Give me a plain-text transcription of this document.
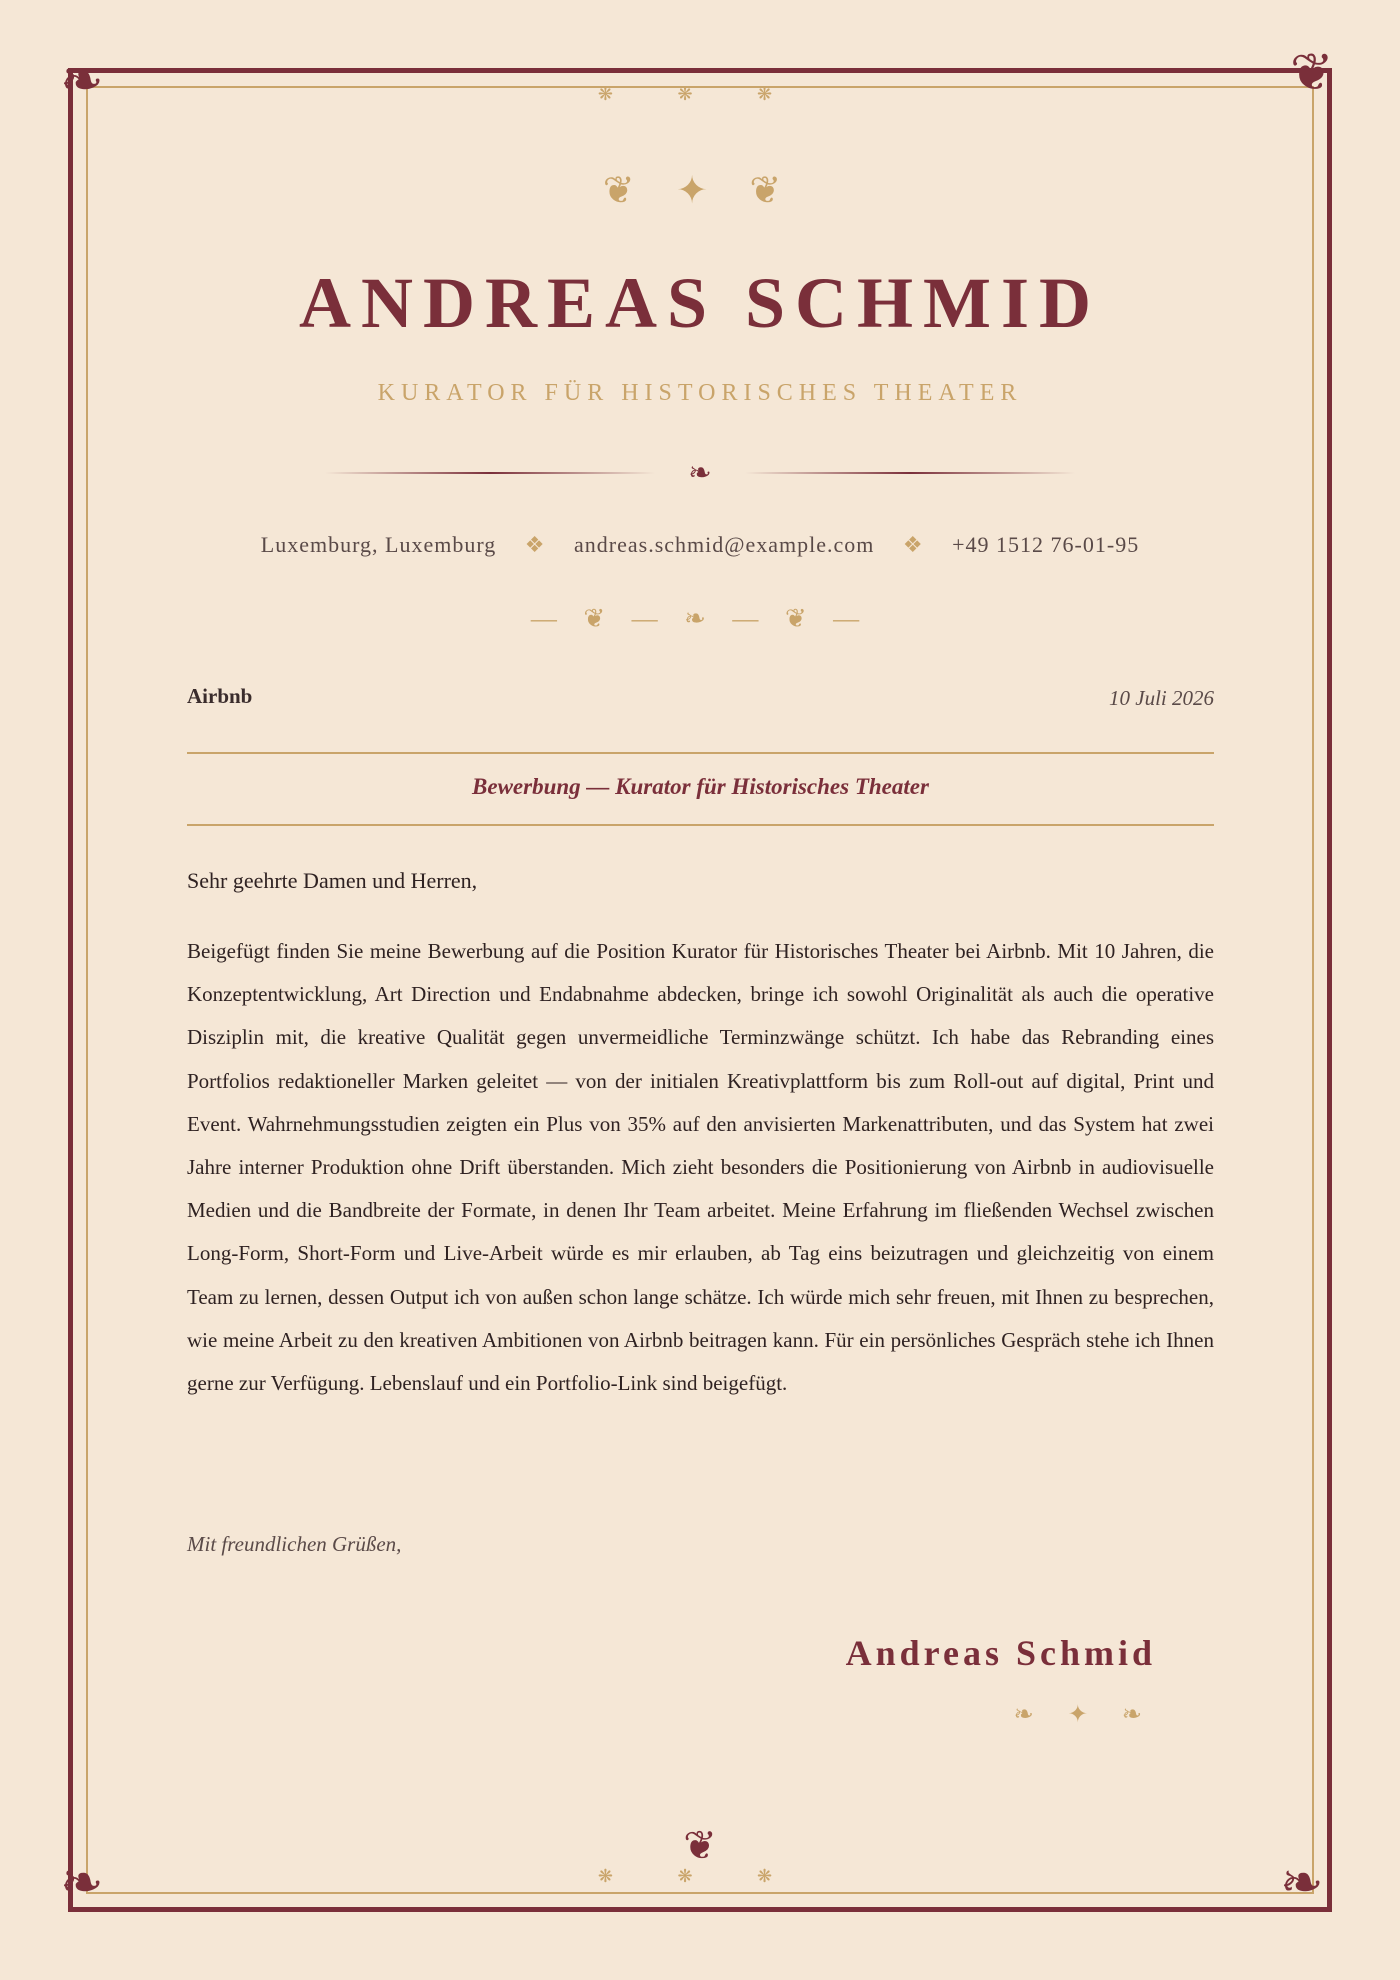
❧	❦
❧	❧
❋ ❋ ❋
❦ ✦ ❦
ANDREAS SCHMID
KURATOR FÜR HISTORISCHES THEATER
❧
Luxemburg, Luxemburg ❖ andreas.schmid@example.com ❖ +49 1512 76-01-95
— ❦ — ❧ — ❦ —
Airbnb	10 Juli 2026
Bewerbung — Kurator für Historisches Theater
Sehr geehrte Damen und Herren,
Beigefügt finden Sie meine Bewerbung auf die Position Kurator für Historisches Theater bei Airbnb. Mit 10 Jahren, die Konzeptentwicklung, Art Direction und Endabnahme abdecken, bringe ich sowohl Originalität als auch die operative Disziplin mit, die kreative Qualität gegen unvermeidliche Terminzwänge schützt. Ich habe das Rebranding eines Portfolios redaktioneller Marken geleitet — von der initialen Kreativplattform bis zum Roll-out auf digital, Print und Event. Wahrnehmungsstudien zeigten ein Plus von 35% auf den anvisierten Markenattributen, und das System hat zwei Jahre interner Produktion ohne Drift überstanden. Mich zieht besonders die Positionierung von Airbnb in audiovisuelle Medien und die Bandbreite der Formate, in denen Ihr Team arbeitet. Meine Erfahrung im fließenden Wechsel zwischen Long-Form, Short-Form und Live-Arbeit würde es mir erlauben, ab Tag eins beizutragen und gleichzeitig von einem Team zu lernen, dessen Output ich von außen schon lange schätze. Ich würde mich sehr freuen, mit Ihnen zu besprechen, wie meine Arbeit zu den kreativen Ambitionen von Airbnb beitragen kann. Für ein persönliches Gespräch stehe ich Ihnen gerne zur Verfügung. Lebenslauf und ein Portfolio-Link sind beigefügt.
Mit freundlichen Grüßen,
Andreas Schmid
❧ ✦ ❧
❦
❋ ❋ ❋
